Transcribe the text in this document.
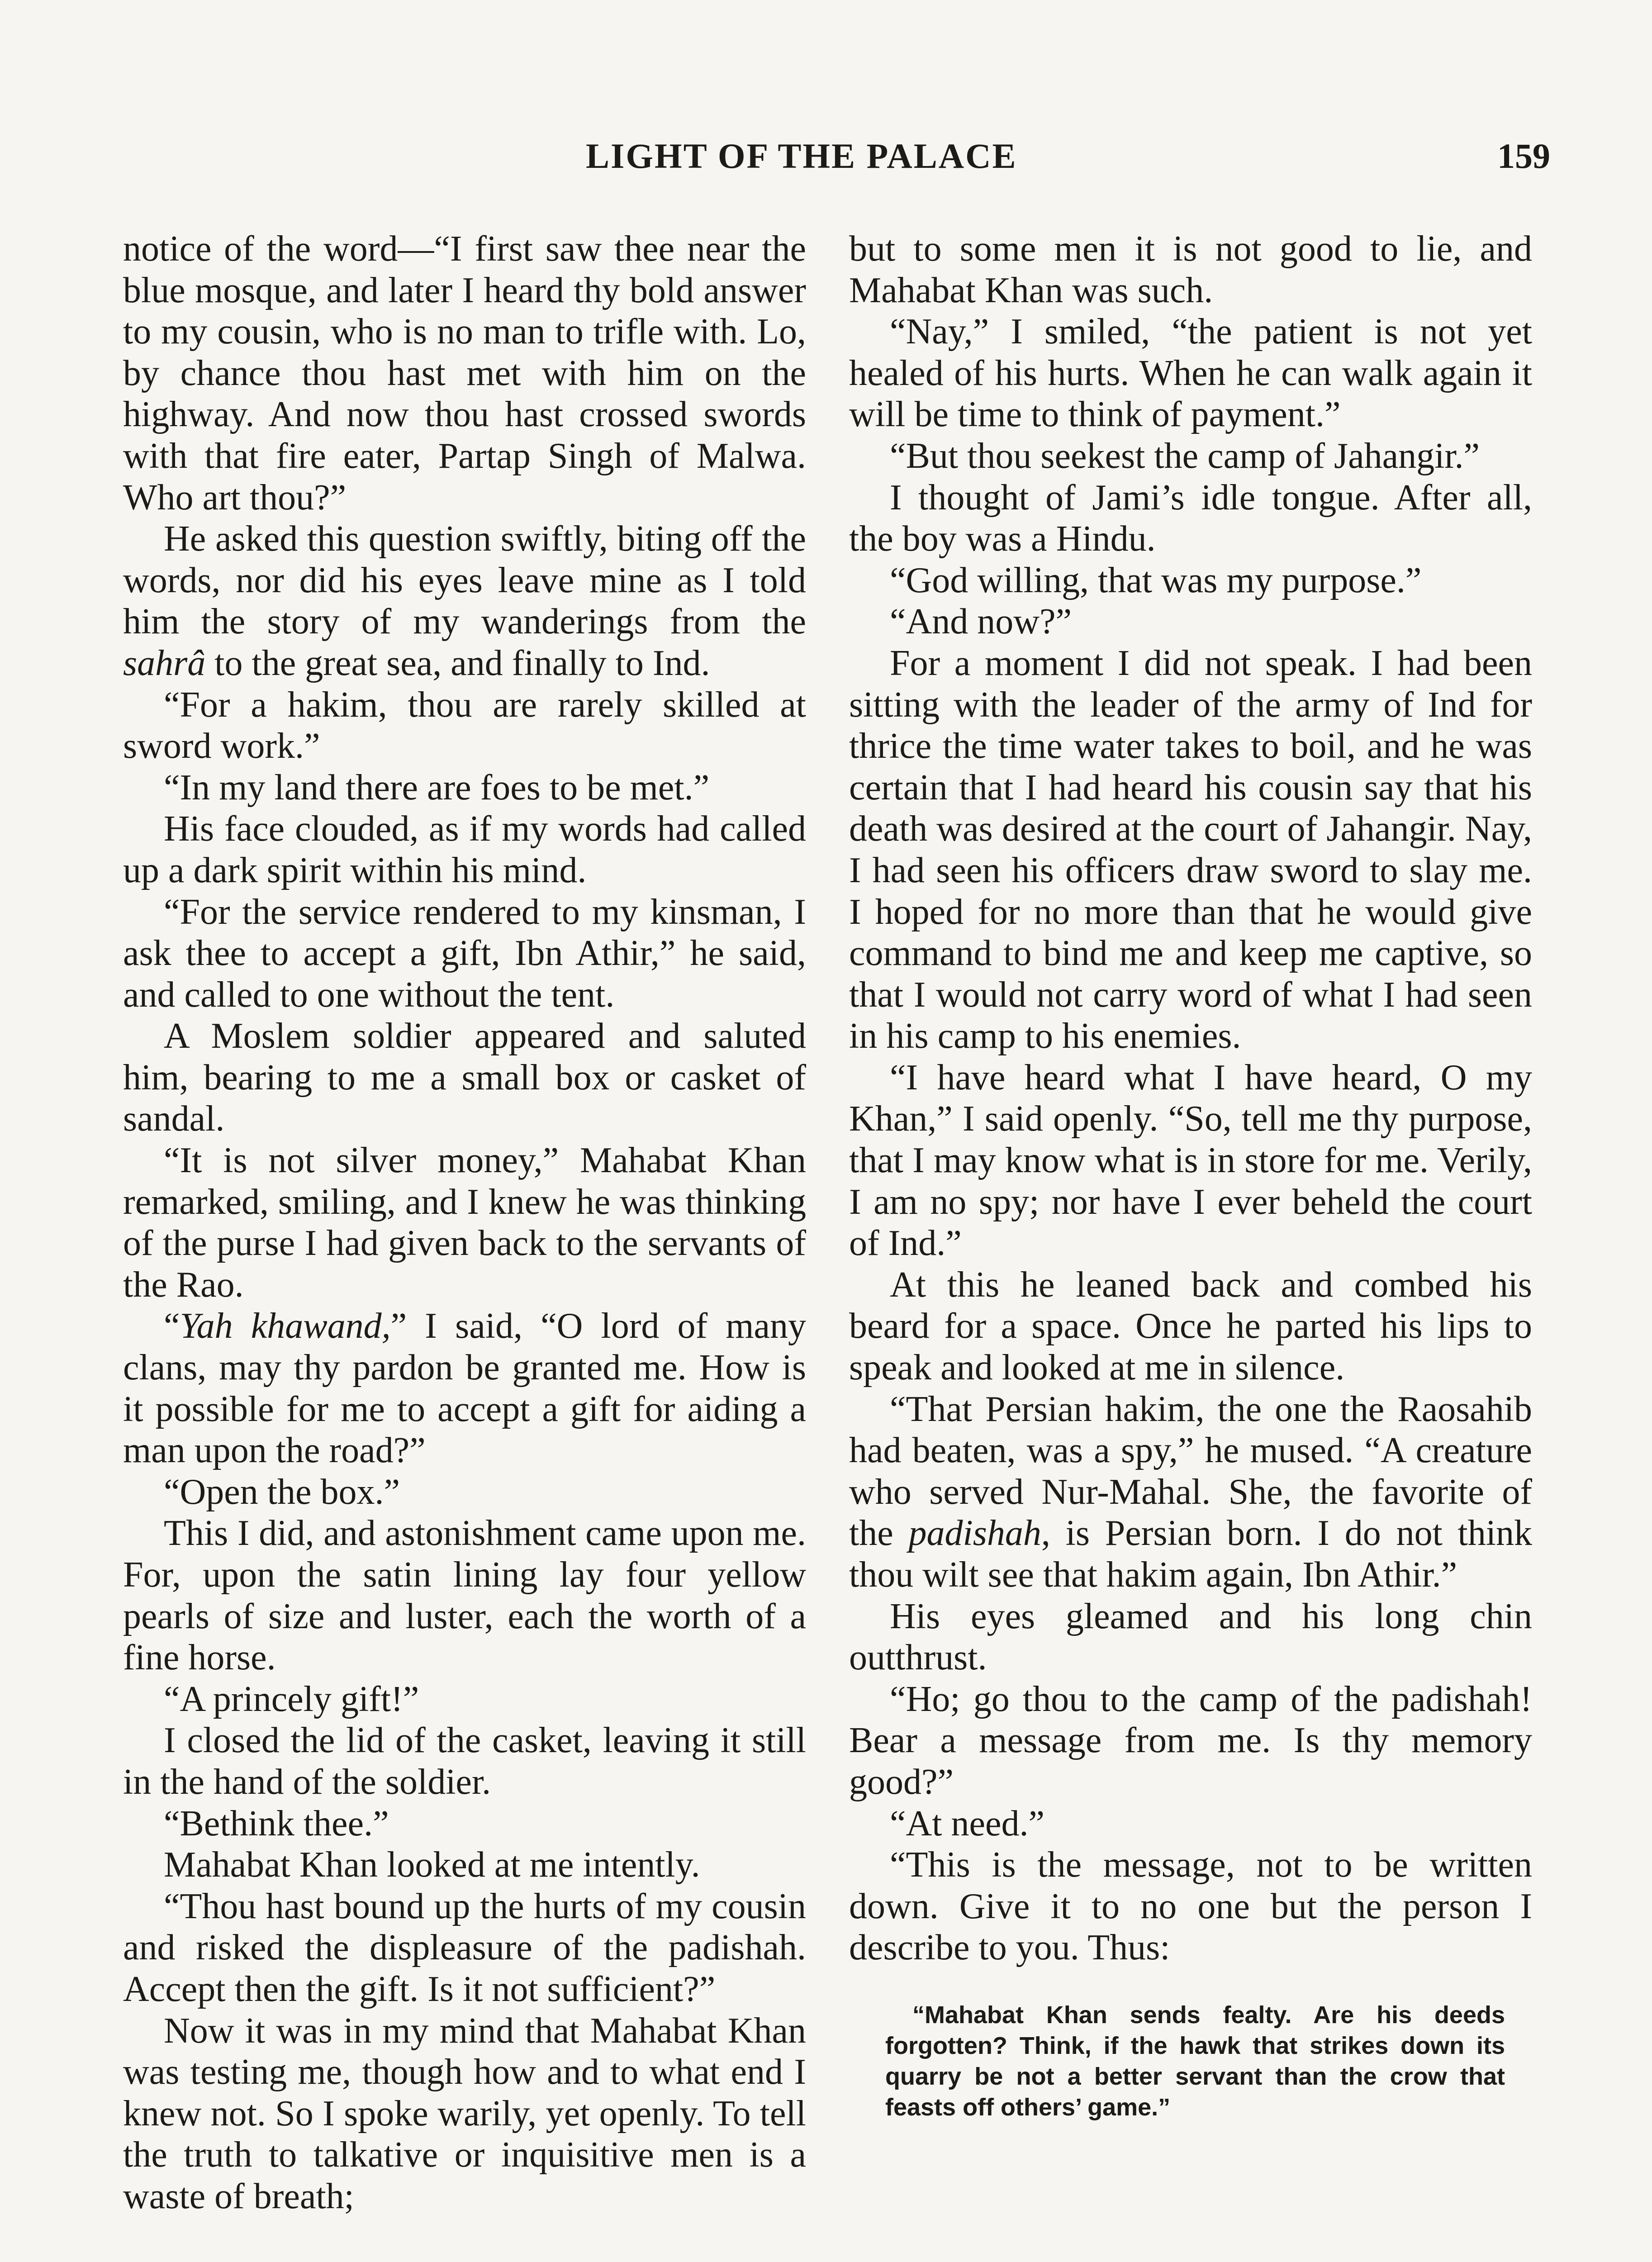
LIGHT OF THE PALACE	159

notice of the word—“I first saw thee near the blue mosque, and later I heard thy bold answer to my cousin, who is no man to trifle with. Lo, by chance thou hast met with him on the highway. And now thou hast crossed swords with that fire eater, Partap Singh of Malwa. Who art thou?”

He asked this question swiftly, biting off the words, nor did his eyes leave mine as I told him the story of my wanderings from the sahrâ to the great sea, and finally to Ind.

“For a hakim, thou are rarely skilled at sword work.”

“In my land there are foes to be met.”

His face clouded, as if my words had called up a dark spirit within his mind.

“For the service rendered to my kinsman, I ask thee to accept a gift, Ibn Athir,” he said, and called to one without the tent.

A Moslem soldier appeared and saluted him, bearing to me a small box or casket of sandal.

“It is not silver money,” Mahabat Khan remarked, smiling, and I knew he was thinking of the purse I had given back to the servants of the Rao.

“Yah khawand,” I said, “O lord of many clans, may thy pardon be granted me. How is it possible for me to accept a gift for aiding a man upon the road?”

“Open the box.”

This I did, and astonishment came upon me. For, upon the satin lining lay four yellow pearls of size and luster, each the worth of a fine horse.

“A princely gift!”

I closed the lid of the casket, leaving it still in the hand of the soldier.

“Bethink thee.”

Mahabat Khan looked at me intently.

“Thou hast bound up the hurts of my cousin and risked the displeasure of the padishah. Accept then the gift. Is it not sufficient?”

Now it was in my mind that Mahabat Khan was testing me, though how and to what end I knew not. So I spoke warily, yet openly. To tell the truth to talkative or inquisitive men is a waste of breath;

but to some men it is not good to lie, and Mahabat Khan was such.

“Nay,” I smiled, “the patient is not yet healed of his hurts. When he can walk again it will be time to think of payment.”

“But thou seekest the camp of Jahangir.”

I thought of Jami’s idle tongue. After all, the boy was a Hindu.

“God willing, that was my purpose.”

“And now?”

For a moment I did not speak. I had been sitting with the leader of the army of Ind for thrice the time water takes to boil, and he was certain that I had heard his cousin say that his death was desired at the court of Jahangir. Nay, I had seen his officers draw sword to slay me. I hoped for no more than that he would give command to bind me and keep me captive, so that I would not carry word of what I had seen in his camp to his enemies.

“I have heard what I have heard, O my Khan,” I said openly. “So, tell me thy purpose, that I may know what is in store for me. Verily, I am no spy; nor have I ever beheld the court of Ind.”

At this he leaned back and combed his beard for a space. Once he parted his lips to speak and looked at me in silence.

“That Persian hakim, the one the Raosahib had beaten, was a spy,” he mused. “A creature who served Nur-Mahal. She, the favorite of the padishah, is Persian born. I do not think thou wilt see that hakim again, Ibn Athir.”

His eyes gleamed and his long chin outthrust.

“Ho; go thou to the camp of the padishah! Bear a message from me. Is thy memory good?”

“At need.”

“This is the message, not to be written down. Give it to no one but the person I describe to you. Thus:

“Mahabat Khan sends fealty. Are his deeds forgotten? Think, if the hawk that strikes down its quarry be not a better servant than the crow that feasts off others’ game.”
